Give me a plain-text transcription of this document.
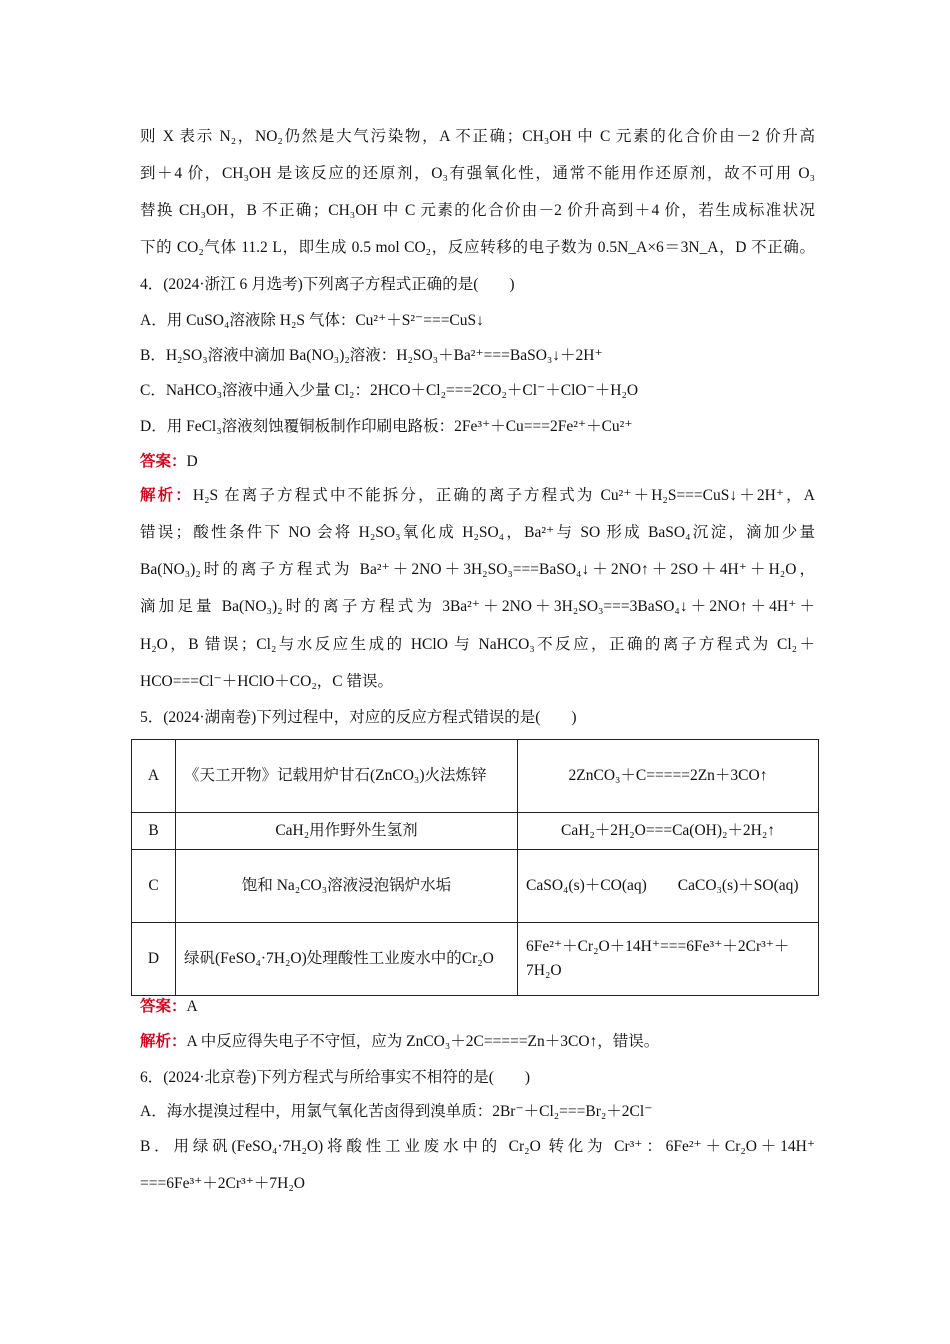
则 X 表示 N₂，NO₂仍然是大气污染物，A 不正确；CH₃OH 中 C 元素的化合价由－2 价升高
到＋4 价，CH₃OH 是该反应的还原剂，O₃有强氧化性，通常不能用作还原剂，故不可用 O₃
替换 CH₃OH，B 不正确；CH₃OH 中 C 元素的化合价由－2 价升高到＋4 价，若生成标准状况
下的 CO₂气体 11.2 L，即生成 0.5 mol CO₂，反应转移的电子数为 0.5N_A×6＝3N_A，D 不正确。
4．(2024·浙江 6 月选考)下列离子方程式正确的是(　　)
A．用 CuSO₄溶液除 H₂S 气体：Cu²⁺＋S²⁻===CuS↓
B．H₂SO₃溶液中滴加 Ba(NO₃)₂溶液：H₂SO₃＋Ba²⁺===BaSO₃↓＋2H⁺
C．NaHCO₃溶液中通入少量 Cl₂：2HCO＋Cl₂===2CO₂＋Cl⁻＋ClO⁻＋H₂O
D．用 FeCl₃溶液刻蚀覆铜板制作印刷电路板：2Fe³⁺＋Cu===2Fe²⁺＋Cu²⁺
答案：D
解析：H₂S 在离子方程式中不能拆分，正确的离子方程式为 Cu²⁺＋H₂S===CuS↓＋2H⁺，A
错误；酸性条件下 NO 会将 H₂SO₃氧化成 H₂SO₄，Ba²⁺与 SO 形成 BaSO₄沉淀，滴加少量
Ba(NO₃)₂时的离子方程式为 Ba²⁺＋2NO＋3H₂SO₃===BaSO₄↓＋2NO↑＋2SO＋4H⁺＋H₂O，
滴加足量 Ba(NO₃)₂时的离子方程式为 3Ba²⁺＋2NO＋3H₂SO₃===3BaSO₄↓＋2NO↑＋4H⁺＋
H₂O，B 错误；Cl₂与水反应生成的 HClO 与 NaHCO₃不反应，正确的离子方程式为 Cl₂＋
HCO===Cl⁻＋HClO＋CO₂，C 错误。
5．(2024·湖南卷)下列过程中，对应的反应方程式错误的是(　　)
A	《天工开物》记载用炉甘石(ZnCO₃)火法炼锌	2ZnCO₃＋C=====2Zn＋3CO↑
B	CaH₂用作野外生氢剂	CaH₂＋2H₂O===Ca(OH)₂＋2H₂↑
C	饱和 Na₂CO₃溶液浸泡锅炉水垢	CaSO₄(s)＋CO(aq)　　CaCO₃(s)＋SO(aq)
D	绿矾(FeSO₄·7H₂O)处理酸性工业废水中的Cr₂O	6Fe²⁺＋Cr₂O＋14H⁺===6Fe³⁺＋2Cr³⁺＋7H₂O
答案：A
解析：A 中反应得失电子不守恒，应为 ZnCO₃＋2C=====Zn＋3CO↑，错误。
6．(2024·北京卷)下列方程式与所给事实不相符的是(　　)
A．海水提溴过程中，用氯气氧化苦卤得到溴单质：2Br⁻＋Cl₂===Br₂＋2Cl⁻
B．用绿矾(FeSO₄·7H₂O)将酸性工业废水中的 Cr₂O 转化为 Cr³⁺：6Fe²⁺＋Cr₂O＋14H⁺
===6Fe³⁺＋2Cr³⁺＋7H₂O
